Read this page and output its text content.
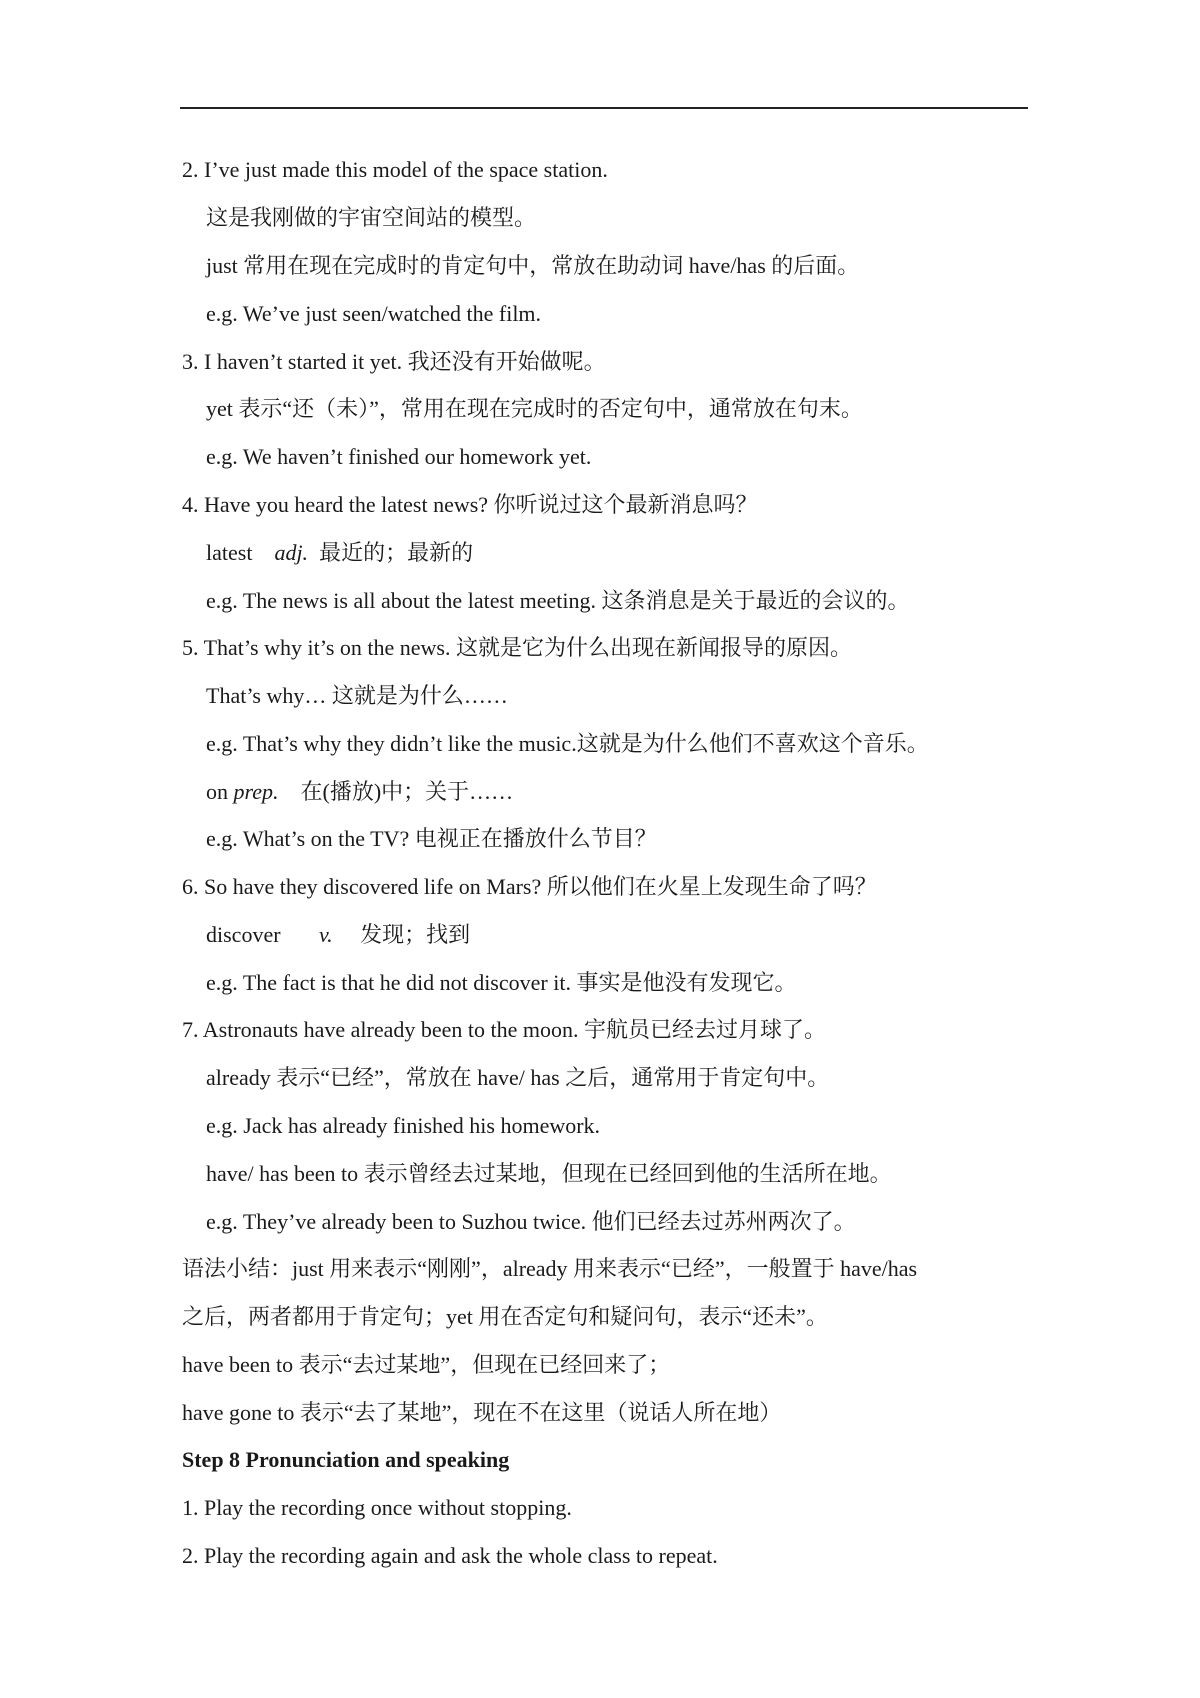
2. I’ve just made this model of the space station.
这是我刚做的宇宙空间站的模型。
just 常用在现在完成时的肯定句中，常放在助动词 have/has 的后面。
e.g. We’ve just seen/watched the film.
3. I haven’t started it yet. 我还没有开始做呢。
yet 表示“还（未）”，常用在现在完成时的否定句中，通常放在句末。
e.g. We haven’t finished our homework yet.
4. Have you heard the latest news? 你听说过这个最新消息吗？
latest adj. 最近的；最新的
e.g. The news is all about the latest meeting. 这条消息是关于最近的会议的。
5. That’s why it’s on the news. 这就是它为什么出现在新闻报导的原因。
That’s why… 这就是为什么……
e.g. That’s why they didn’t like the music.这就是为什么他们不喜欢这个音乐。
on prep. 在(播放)中；关于……
e.g. What’s on the TV? 电视正在播放什么节目？
6. So have they discovered life on Mars? 所以他们在火星上发现生命了吗？
discover v. 发现；找到
e.g. The fact is that he did not discover it. 事实是他没有发现它。
7. Astronauts have already been to the moon. 宇航员已经去过月球了。
already 表示“已经”，常放在 have/ has 之后，通常用于肯定句中。
e.g. Jack has already finished his homework.
have/ has been to 表示曾经去过某地，但现在已经回到他的生活所在地。
e.g. They’ve already been to Suzhou twice. 他们已经去过苏州两次了。
语法小结：just 用来表示“刚刚”，already 用来表示“已经”，一般置于 have/has
之后，两者都用于肯定句；yet 用在否定句和疑问句，表示“还未”。
have been to 表示“去过某地”，但现在已经回来了；
have gone to 表示“去了某地”，现在不在这里（说话人所在地）
Step 8 Pronunciation and speaking
1. Play the recording once without stopping.
2. Play the recording again and ask the whole class to repeat.
